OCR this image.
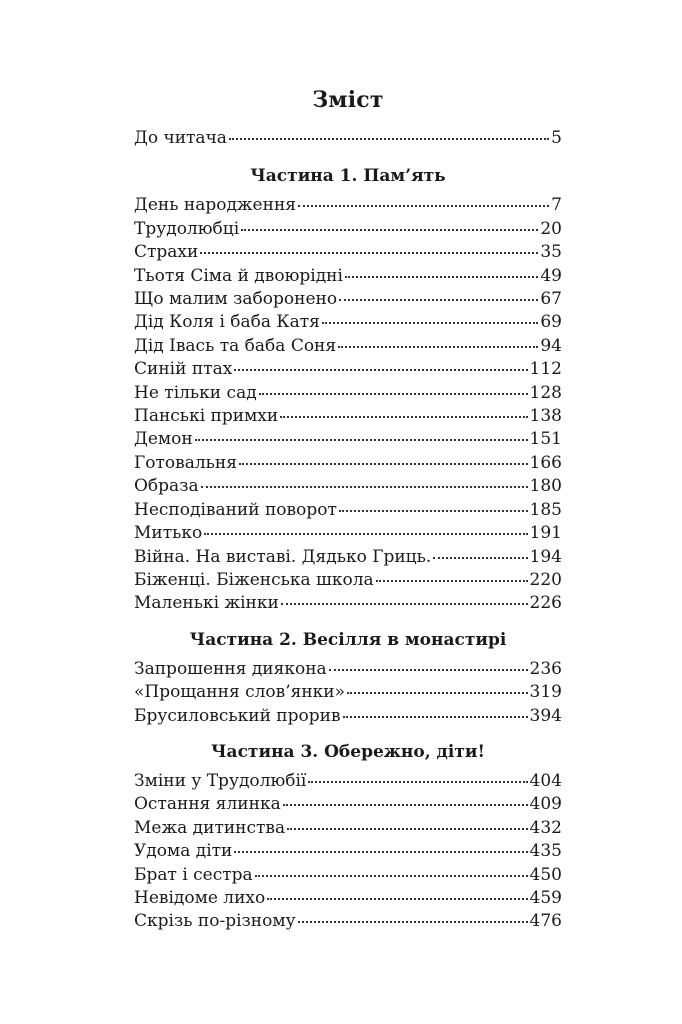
Зміст
До читача	5
Частина 1. Пам’ять
День народження	7
Трудолюбці	20
Страхи	35
Тьотя Сіма й двоюрідні	49
Що малим заборонено	67
Дід Коля і баба Катя	69
Дід Івась та баба Соня	94
Синій птах	112
Не тільки сад	128
Панські примхи	138
Демон	151
Готовальня	166
Образа	180
Несподіваний поворот	185
Митько	191
Війна. На виставі. Дядько Гриць.	194
Біженці. Біженська школа	220
Маленькі жінки	226
Частина 2. Весілля в монастирі
Запрошення диякона	236
«Прощання слов’янки»	319
Брусиловський прорив	394
Частина 3. Обережно, діти!
Зміни у Трудолюбії	404
Остання ялинка	409
Межа дитинства	432
Удома діти	435
Брат і сестра	450
Невідоме лихо	459
Скрізь по-різному	476
